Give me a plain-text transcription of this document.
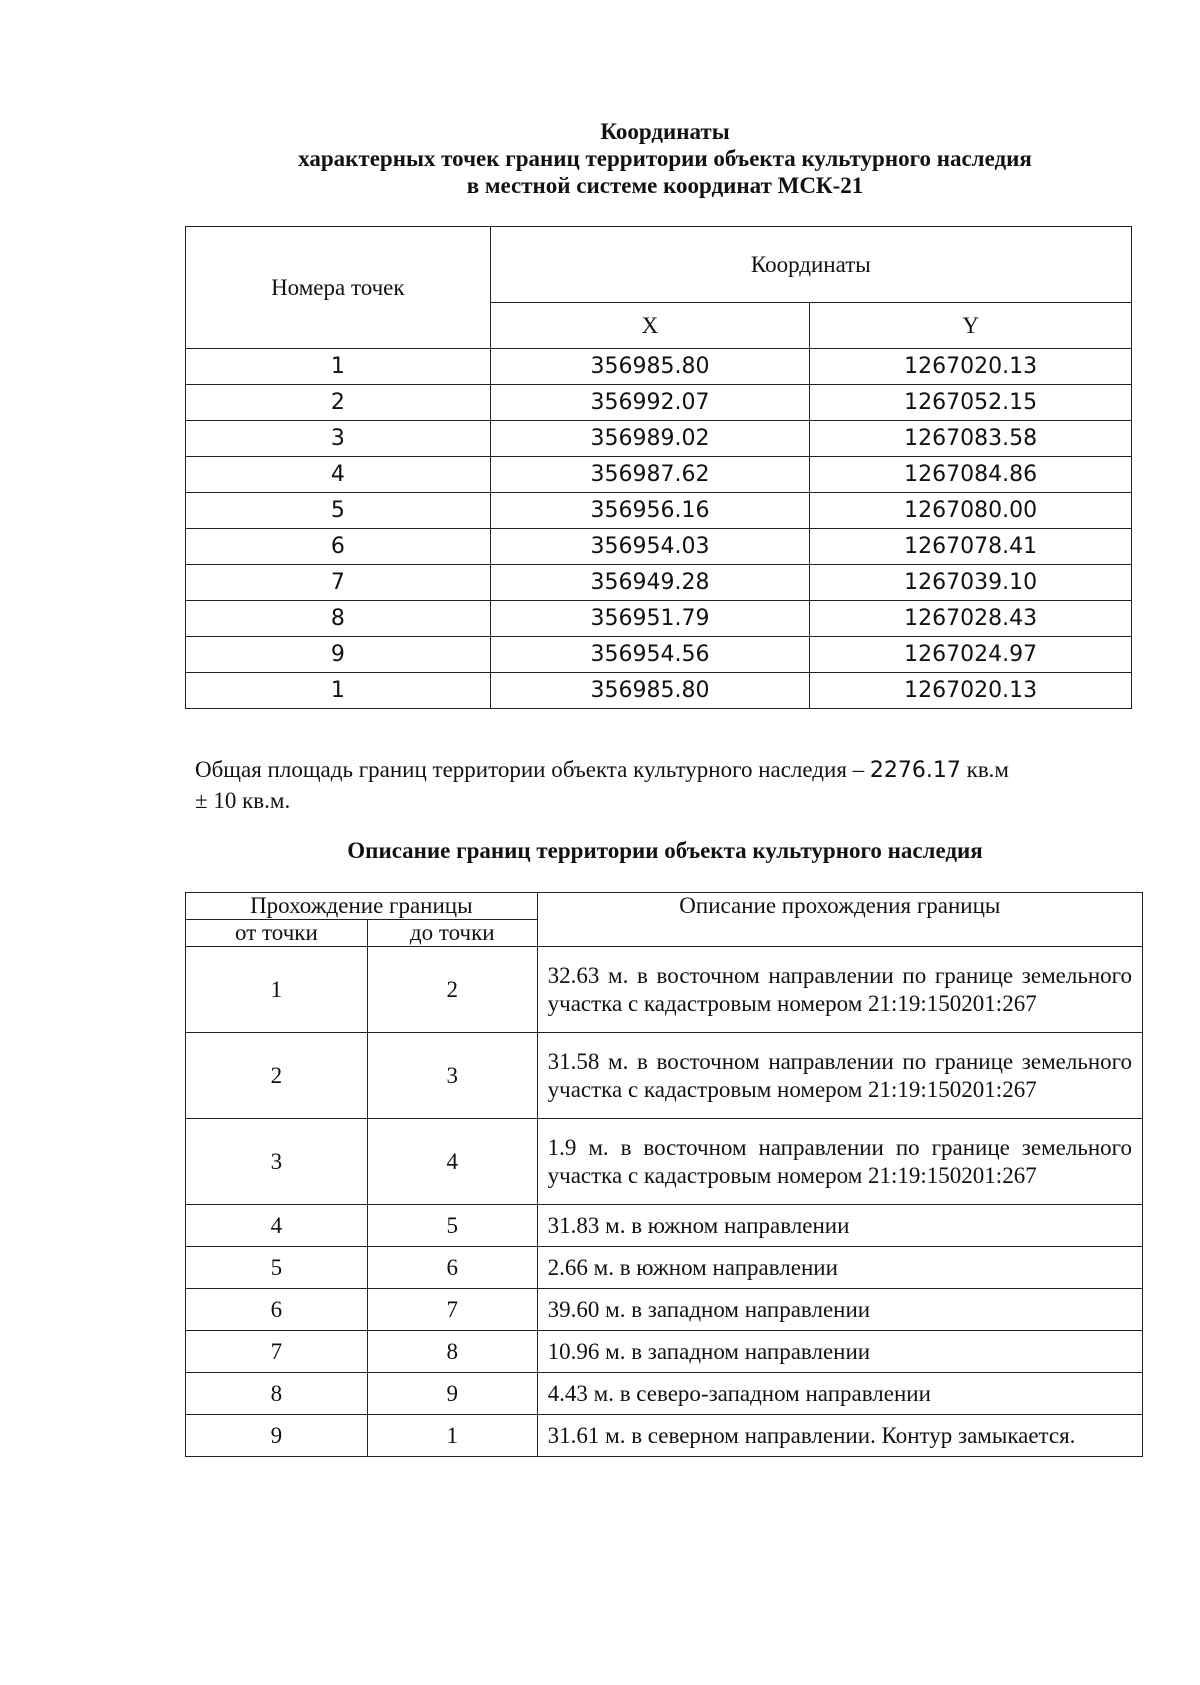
Координаты
характерных точек границ территории объекта культурного наследия
в местной системе координат МСК-21
Номера точек	Координаты	
	X	Y
1	356985.80	1267020.13
2	356992.07	1267052.15
3	356989.02	1267083.58
4	356987.62	1267084.86
5	356956.16	1267080.00
6	356954.03	1267078.41
7	356949.28	1267039.10
8	356951.79	1267028.43
9	356954.56	1267024.97
1	356985.80	1267020.13
Общая площадь границ территории объекта культурного наследия – 2276.17 кв.м
± 10 кв.м.
Описание границ территории объекта культурного наследия
Прохождение границы		Описание прохождения границы
от точки	до точки	
1	2	32.63 м. в восточном направлении по границе земельного участка с кадастровым номером 21:19:150201:267
2	3	31.58 м. в восточном направлении по границе земельного участка с кадастровым номером 21:19:150201:267
3	4	1.9 м. в восточном направлении по границе земельного участка с кадастровым номером 21:19:150201:267
4	5	31.83 м. в южном направлении
5	6	2.66 м. в южном направлении
6	7	39.60 м. в западном направлении
7	8	10.96 м. в западном направлении
8	9	4.43 м. в северо-западном направлении
9	1	31.61 м. в северном направлении. Контур замыкается.
